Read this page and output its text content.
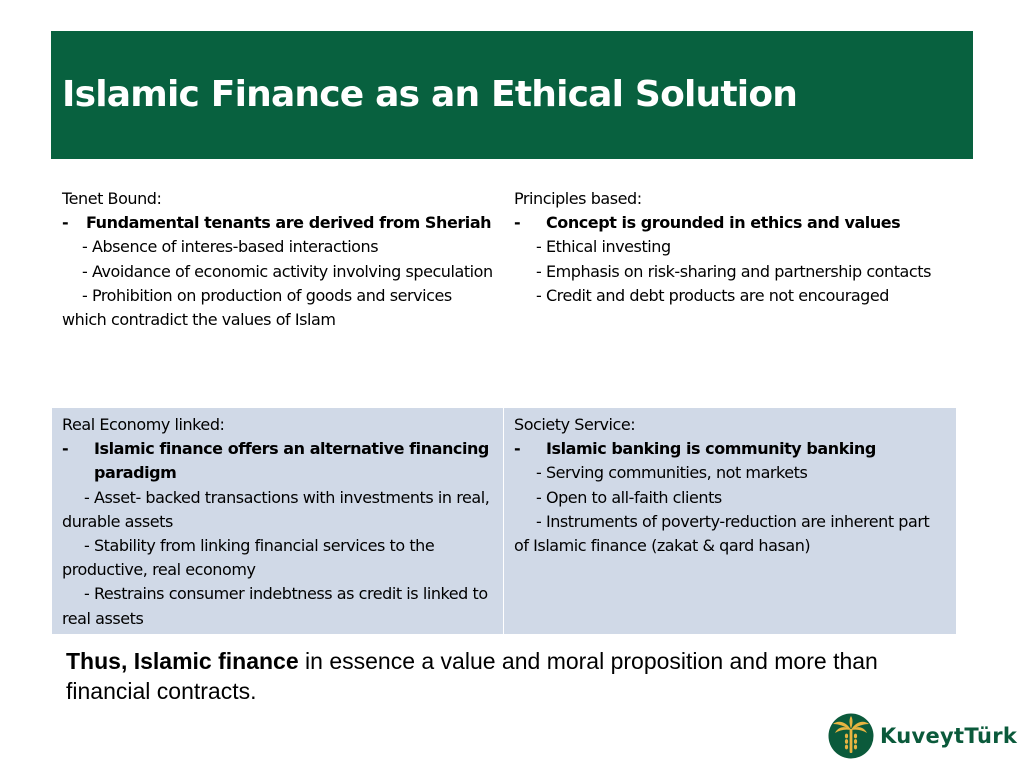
Islamic Finance as an Ethical Solution
Tenet Bound:
-	Fundamental tenants are derived from Sheriah
- Absence of interes-based interactions
- Avoidance of economic activity involving speculation
- Prohibition on production of goods and services which contradict the values of Islam
Principles based:
-	Concept is grounded in ethics and values
- Ethical investing
- Emphasis on risk-sharing and partnership contacts
- Credit and debt products are not encouraged
Real Economy linked:
-	Islamic finance offers an alternative financing paradigm
- Asset- backed transactions with investments in real, durable assets
- Stability from linking financial services to the productive, real economy
- Restrains consumer indebtness as credit is linked to real assets
Society Service:
-	Islamic banking is community banking
- Serving communities, not markets
- Open to all-faith clients
- Instruments of poverty-reduction are inherent part of Islamic finance (zakat & qard hasan)

Thus, Islamic finance in essence a value and moral proposition and more than financial contracts.

KuveytTürk
